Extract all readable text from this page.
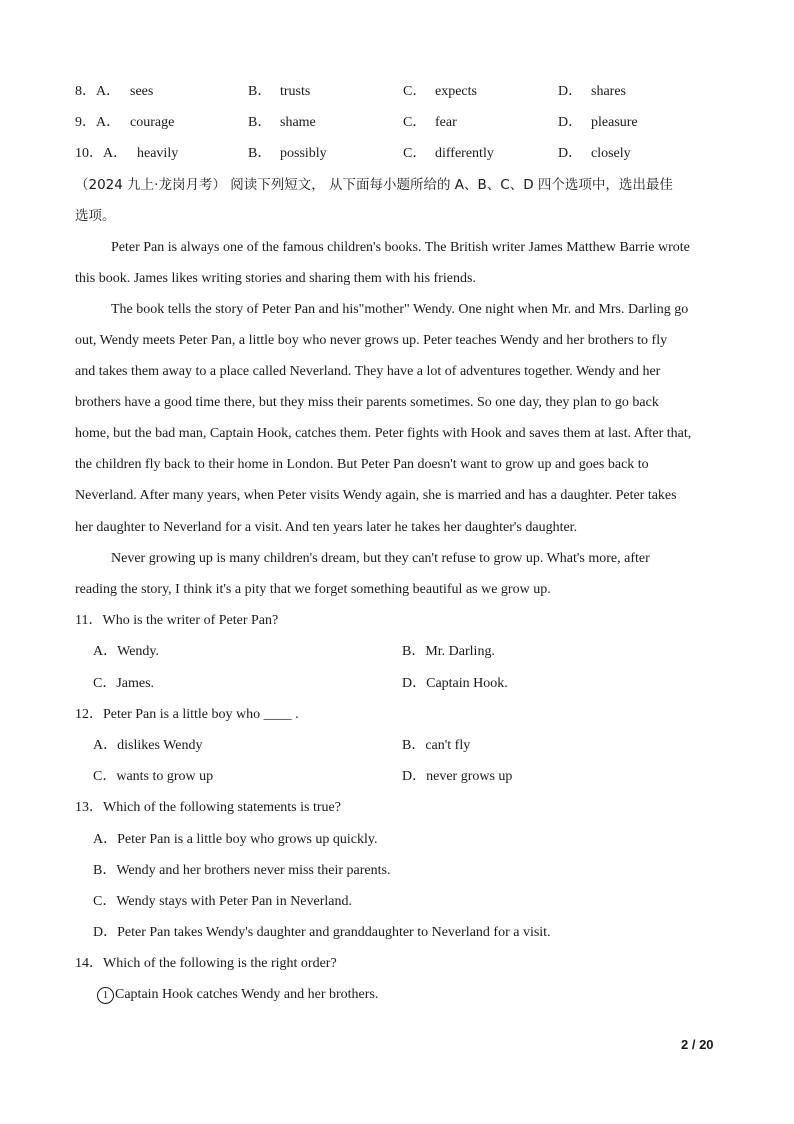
8．A． sees	B． trusts	C． expects	D． shares
9．A． courage	B． shame	C． fear	D． pleasure
10．A． heavily	B． possibly	C． differently	D． closely
（2024 九上·龙岗月考） 阅读下列短文， 从下面每小题所给的 A、B、C、D 四个选项中，选出最佳
选项。
Peter Pan is always one of the famous children's books. The British writer James Matthew Barrie wrote
this book. James likes writing stories and sharing them with his friends.
The book tells the story of Peter Pan and his"mother" Wendy. One night when Mr. and Mrs. Darling go
out, Wendy meets Peter Pan, a little boy who never grows up. Peter teaches Wendy and her brothers to fly
and takes them away to a place called Neverland. They have a lot of adventures together. Wendy and her
brothers have a good time there, but they miss their parents sometimes. So one day, they plan to go back
home, but the bad man, Captain Hook, catches them. Peter fights with Hook and saves them at last. After that,
the children fly back to their home in London. But Peter Pan doesn't want to grow up and goes back to
Neverland. After many years, when Peter visits Wendy again, she is married and has a daughter. Peter takes
her daughter to Neverland for a visit. And ten years later he takes her daughter's daughter.
Never growing up is many children's dream, but they can't refuse to grow up. What's more, after
reading the story, I think it's a pity that we forget something beautiful as we grow up.
11．Who is the writer of Peter Pan?
A．Wendy.	B．Mr. Darling.
C．James.	D．Captain Hook.
12．Peter Pan is a little boy who ____ .
A．dislikes Wendy	B．can't fly
C．wants to grow up	D．never grows up
13．Which of the following statements is true?
A．Peter Pan is a little boy who grows up quickly.
B．Wendy and her brothers never miss their parents.
C．Wendy stays with Peter Pan in Neverland.
D．Peter Pan takes Wendy's daughter and granddaughter to Neverland for a visit.
14．Which of the following is the right order?
1 Captain Hook catches Wendy and her brothers.
2 / 20
